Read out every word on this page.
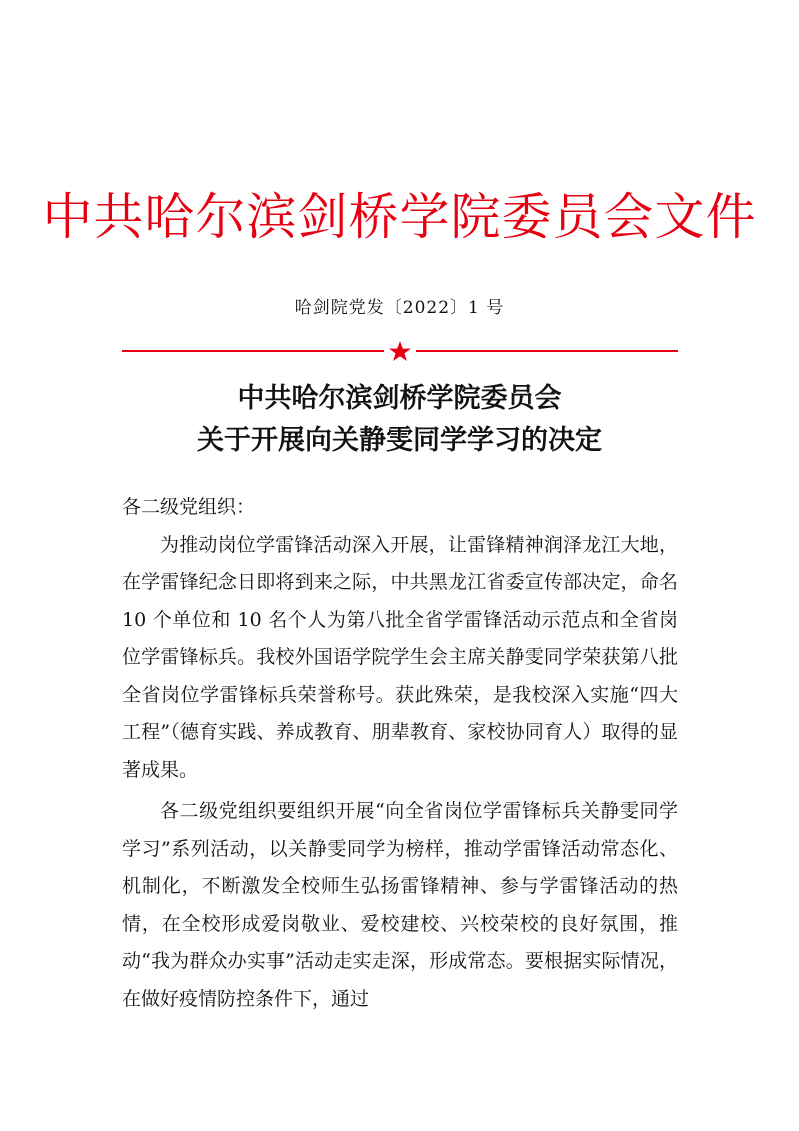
中共哈尔滨剑桥学院委员会文件
哈剑院党发〔2022〕1 号
中共哈尔滨剑桥学院委员会
关于开展向关静雯同学学习的决定

各二级党组织：

为推动岗位学雷锋活动深入开展，让雷锋精神润泽龙江大地，在学雷锋纪念日即将到来之际，中共黑龙江省委宣传部决定，命名 10 个单位和 10 名个人为第八批全省学雷锋活动示范点和全省岗位学雷锋标兵。我校外国语学院学生会主席关静雯同学荣获第八批全省岗位学雷锋标兵荣誉称号。获此殊荣，是我校深入实施“四大工程”（德育实践、养成教育、朋辈教育、家校协同育人）取得的显著成果。

各二级党组织要组织开展“向全省岗位学雷锋标兵关静雯同学学习”系列活动，以关静雯同学为榜样，推动学雷锋活动常态化、机制化，不断激发全校师生弘扬雷锋精神、参与学雷锋活动的热情，在全校形成爱岗敬业、爱校建校、兴校荣校的良好氛围，推动“我为群众办实事”活动走实走深，形成常态。要根据实际情况，在做好疫情防控条件下，通过
